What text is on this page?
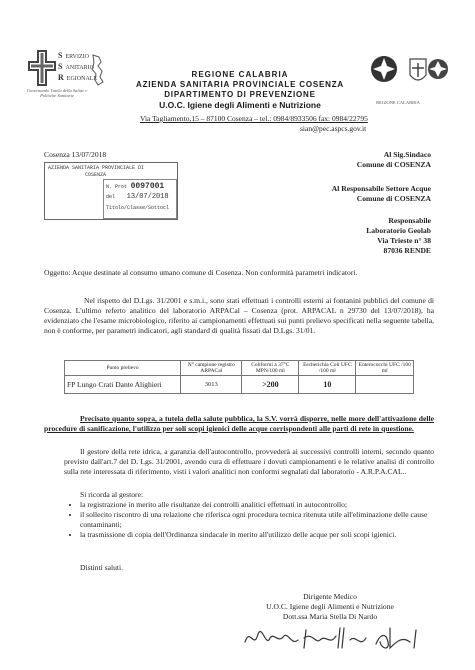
S ERVIZIO
S ANITARIO
R EGIONALE
Governando Tutela della Salute e Politiche Sanitarie
REGIONE CALABRIA
REGIONE CALABRIA
AZIENDA SANITARIA PROVINCIALE COSENZA
DIPARTIMENTO DI PREVENZIONE
U.O.C. Igiene degli Alimenti e Nutrizione
Via Tagliamento,15 – 87100 Cosenza – tel.: 0984/8933506 fax: 0984/22795
sian@pec.aspcs.gov.it
Cosenza 13/07/2018
AZIENDA SANITARIA PROVINCIALE DI
COSENZA
N. Prot 0097001
del 13/07/2018
Titolo/Classe/Sottocl
Al Sig.Sindaco
Comune di COSENZA
Al Responsabile Settore Acque
Comune di COSENZA
Responsabile
Laboratorio Geolab
Via Trieste n° 38
87036 RENDE
Oggetto: Acque destinate al consumo umano comune di Cosenza. Non conformità parametri indicatori.
Nel rispetto del D.Lgs. 31/2001 e s.m.i., sono stati effettuati i controlli esterni ai fontanini pubblici del comune di Cosenza. L'ultimo referto analitico del laboratorio ARPACal – Cosenza (prot. ARPACAL n 29730 del 13/07/2018), ha evidenziato che l'esame microbiologico, riferito ai campionamenti effettuati sui punti prelievo specificati nella seguente tabella, non è conforme, per parametri indicatori, agli standard di qualità fissati dal D.Lgs. 31/01.
Punto prelievo	N° campione registro ARPACal	Coliformi a 37°C MPN/100 ml	Escherichia Coli UFC /100 ml	Enterococchi UFC /100 ml
FP Lungo Crati Dante Alighieri	3013	>200	10	
Precisato quanto sopra, a tutela della salute pubblica, la S.V. vorrà disporre, nelle more dell'attivazione delle procedure di sanificazione, l'utilizzo per soli scopi igienici delle acque corrispondenti alle parti di rete in questione.
Il gestore della rete idrica, a garanzia dell'autocontrollo, provvederà ai successivi controlli interni, secondo quanto previsto dall'art.7 del D. Lgs. 31/2001, avendo cura di effettuare i dovuti campionamenti e le relative analisi di controllo sulla rete interessata di riferimento, visti i valori analitici non conformi segnalati dal laboratorio - A.R.P.A.CAL..
Si ricorda al gestore:
• la registrazione in merito alle risultanze dei controlli analitici effettuati in autocontrollo;
• il sollecito riscontro di una relazione che riferisca ogni procedura tecnica ritenuta utile all'eliminazione delle cause contaminanti;
• la trasmissione di copia dell'Ordinanza sindacale in merito all'utilizzo delle acque per soli scopi igienici.
Distinti saluti.
Dirigente Medico
U.O.C. Igiene degli Alimenti e Nutrizione
Dott.ssa Maria Stella Di Nardo
